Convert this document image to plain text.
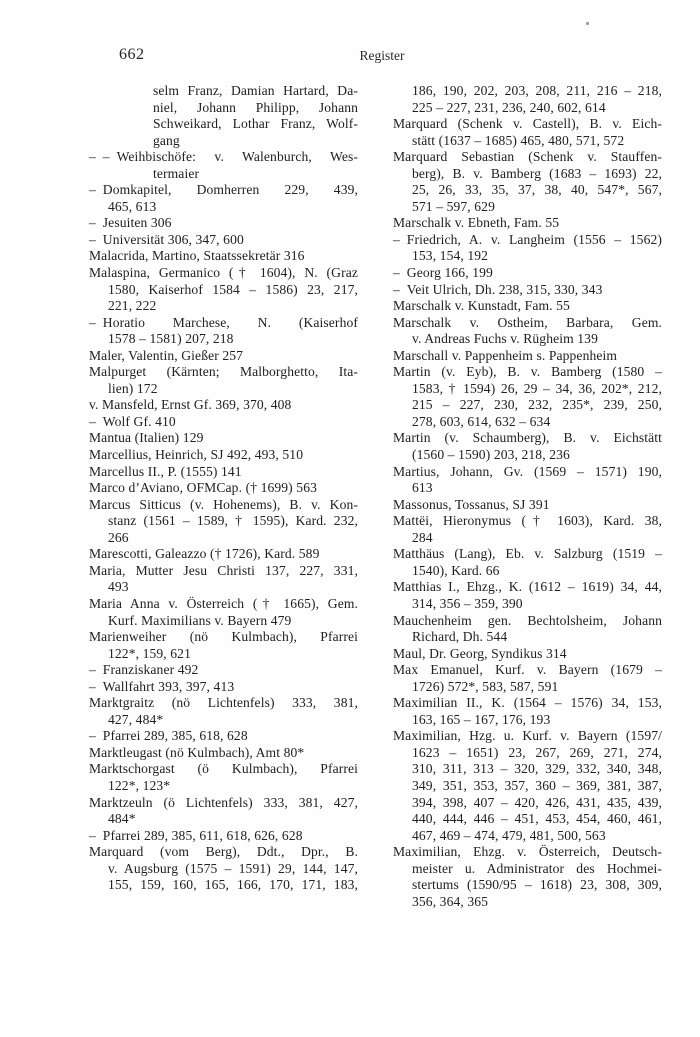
662	Register
selm Franz, Damian Hartard, Da-
niel, Johann Philipp, Johann
Schweikard, Lothar Franz, Wolf-
gang
– – Weihbischöfe: v. Walenburch, Wes-
termaier
– Domkapitel, Domherren 229, 439,
465, 613
– Jesuiten 306
– Universität 306, 347, 600
Malacrida, Martino, Staatssekretär 316
Malaspina, Germanico († 1604), N. (Graz
1580, Kaiserhof 1584 – 1586) 23, 217,
221, 222
– Horatio Marchese, N. (Kaiserhof
1578 – 1581) 207, 218
Maler, Valentin, Gießer 257
Malpurget (Kärnten; Malborghetto, Ita-
lien) 172
v. Mansfeld, Ernst Gf. 369, 370, 408
– Wolf Gf. 410
Mantua (Italien) 129
Marcellius, Heinrich, SJ 492, 493, 510
Marcellus II., P. (1555) 141
Marco d’Aviano, OFMCap. († 1699) 563
Marcus Sitticus (v. Hohenems), B. v. Kon-
stanz (1561 – 1589, † 1595), Kard. 232,
266
Marescotti, Galeazzo († 1726), Kard. 589
Maria, Mutter Jesu Christi 137, 227, 331,
493
Maria Anna v. Österreich († 1665), Gem.
Kurf. Maximilians v. Bayern 479
Marienweiher (nö Kulmbach), Pfarrei
122*, 159, 621
– Franziskaner 492
– Wallfahrt 393, 397, 413
Marktgraitz (nö Lichtenfels) 333, 381,
427, 484*
– Pfarrei 289, 385, 618, 628
Marktleugast (nö Kulmbach), Amt 80*
Marktschorgast (ö Kulmbach), Pfarrei
122*, 123*
Marktzeuln (ö Lichtenfels) 333, 381, 427,
484*
– Pfarrei 289, 385, 611, 618, 626, 628
Marquard (vom Berg), Ddt., Dpr., B.
v. Augsburg (1575 – 1591) 29, 144, 147,
155, 159, 160, 165, 166, 170, 171, 183,
186, 190, 202, 203, 208, 211, 216 – 218,
225 – 227, 231, 236, 240, 602, 614
Marquard (Schenk v. Castell), B. v. Eich-
stätt (1637 – 1685) 465, 480, 571, 572
Marquard Sebastian (Schenk v. Stauffen-
berg), B. v. Bamberg (1683 – 1693) 22,
25, 26, 33, 35, 37, 38, 40, 547*, 567,
571 – 597, 629
Marschalk v. Ebneth, Fam. 55
– Friedrich, A. v. Langheim (1556 – 1562)
153, 154, 192
– Georg 166, 199
– Veit Ulrich, Dh. 238, 315, 330, 343
Marschalk v. Kunstadt, Fam. 55
Marschalk v. Ostheim, Barbara, Gem.
v. Andreas Fuchs v. Rügheim 139
Marschall v. Pappenheim s. Pappenheim
Martin (v. Eyb), B. v. Bamberg (1580 –
1583, † 1594) 26, 29 – 34, 36, 202*, 212,
215 – 227, 230, 232, 235*, 239, 250,
278, 603, 614, 632 – 634
Martin (v. Schaumberg), B. v. Eichstätt
(1560 – 1590) 203, 218, 236
Martius, Johann, Gv. (1569 – 1571) 190,
613
Massonus, Tossanus, SJ 391
Mattëi, Hieronymus († 1603), Kard. 38,
284
Matthäus (Lang), Eb. v. Salzburg (1519 –
1540), Kard. 66
Matthias I., Ehzg., K. (1612 – 1619) 34, 44,
314, 356 – 359, 390
Mauchenheim gen. Bechtolsheim, Johann
Richard, Dh. 544
Maul, Dr. Georg, Syndikus 314
Max Emanuel, Kurf. v. Bayern (1679 –
1726) 572*, 583, 587, 591
Maximilian II., K. (1564 – 1576) 34, 153,
163, 165 – 167, 176, 193
Maximilian, Hzg. u. Kurf. v. Bayern (1597/
1623 – 1651) 23, 267, 269, 271, 274,
310, 311, 313 – 320, 329, 332, 340, 348,
349, 351, 353, 357, 360 – 369, 381, 387,
394, 398, 407 – 420, 426, 431, 435, 439,
440, 444, 446 – 451, 453, 454, 460, 461,
467, 469 – 474, 479, 481, 500, 563
Maximilian, Ehzg. v. Österreich, Deutsch-
meister u. Administrator des Hochmei-
stertums (1590/95 – 1618) 23, 308, 309,
356, 364, 365
